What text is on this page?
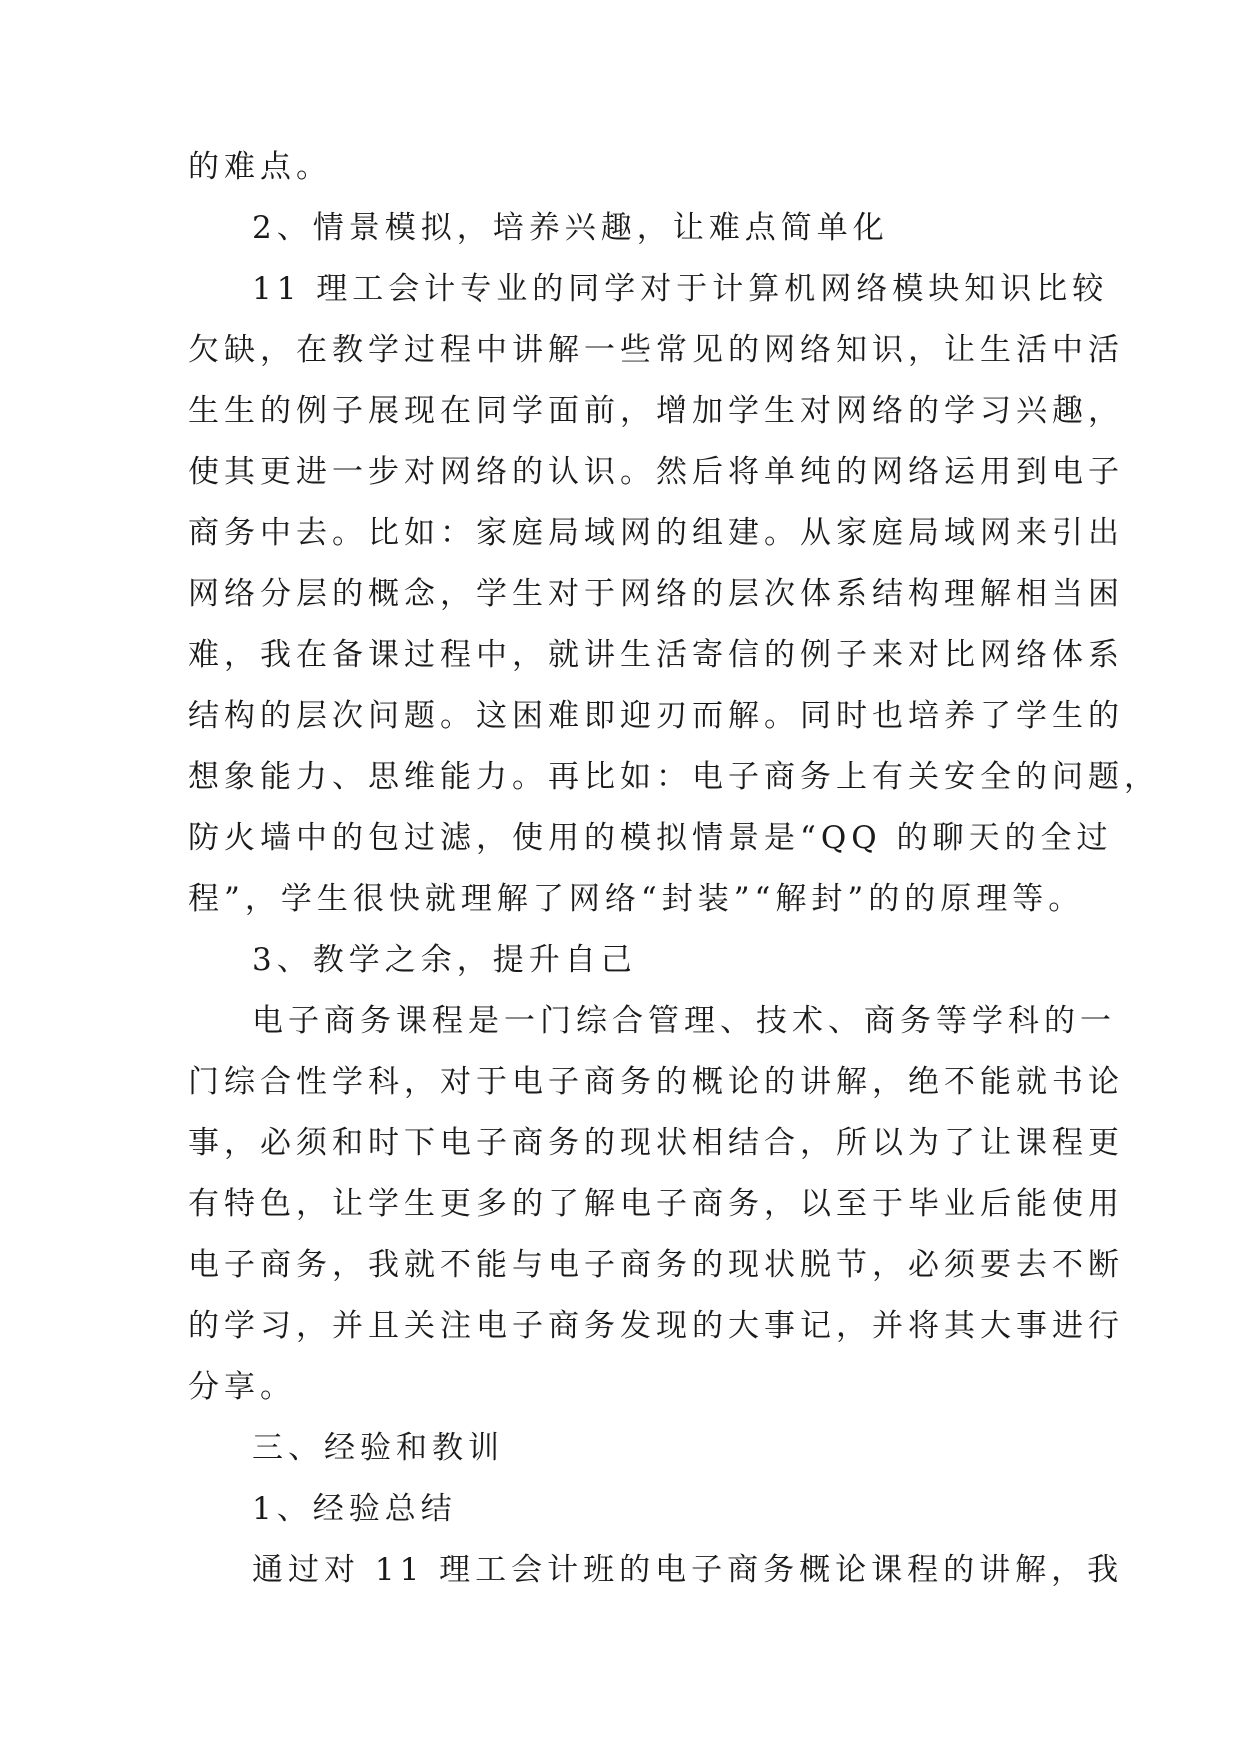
的难点。
2、情景模拟，培养兴趣，让难点简单化
11 理工会计专业的同学对于计算机网络模块知识比较
欠缺，在教学过程中讲解一些常见的网络知识，让生活中活
生生的例子展现在同学面前，增加学生对网络的学习兴趣，
使其更进一步对网络的认识。然后将单纯的网络运用到电子
商务中去。比如：家庭局域网的组建。从家庭局域网来引出
网络分层的概念，学生对于网络的层次体系结构理解相当困
难，我在备课过程中，就讲生活寄信的例子来对比网络体系
结构的层次问题。这困难即迎刃而解。同时也培养了学生的
想象能力、思维能力。再比如：电子商务上有关安全的问题，
防火墙中的包过滤，使用的模拟情景是“QQ 的聊天的全过
程”，学生很快就理解了网络“封装”“解封”的的原理等。
3、教学之余，提升自己
电子商务课程是一门综合管理、技术、商务等学科的一
门综合性学科，对于电子商务的概论的讲解，绝不能就书论
事，必须和时下电子商务的现状相结合，所以为了让课程更
有特色，让学生更多的了解电子商务，以至于毕业后能使用
电子商务，我就不能与电子商务的现状脱节，必须要去不断
的学习，并且关注电子商务发现的大事记，并将其大事进行
分享。
三、经验和教训
1、经验总结
通过对 11 理工会计班的电子商务概论课程的讲解，我
